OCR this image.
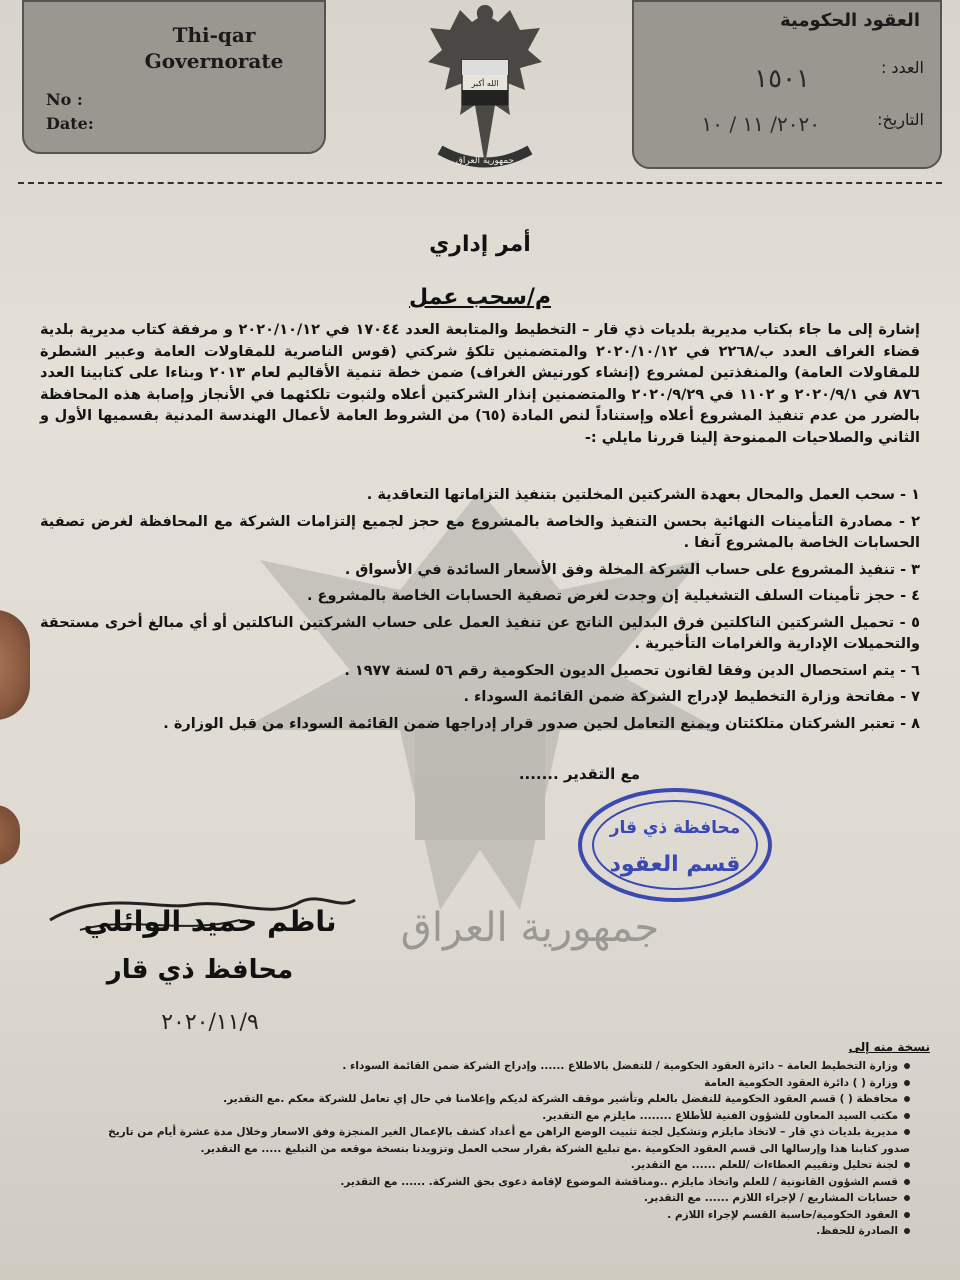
جمهورية العراق
Thi-qar Governorate
No :
Date:
الله أكبر
جمهورية العراق
العقود الحكومية
العدد :
١٥٠١
التاريخ:
٢٠٢٠/ ١١ / ١٠
أمر إداري
م/سحب عمل
إشارة إلى ما جاء بكتاب مديرية بلديات ذي قار – التخطيط والمتابعة العدد ١٧٠٤٤ في ٢٠٢٠/١٠/١٢ و مرفقة كتاب مديرية بلدية قضاء الغراف العدد ب/٢٢٦٨ في ٢٠٢٠/١٠/١٢ والمتضمنين تلكؤ شركتي (قوس الناصرية للمقاولات العامة وعبير الشطرة للمقاولات العامة) والمنفذتين لمشروع (إنشاء كورنيش الغراف) ضمن خطة تنمية الأقاليم لعام ٢٠١٣ وبناءا على كتابينا العدد ٨٧٦ في ٢٠٢٠/٩/١ و ١١٠٢ في ٢٠٢٠/٩/٢٩ والمتضمنين إنذار الشركتين أعلاه ولثبوت تلكئهما في الأنجاز وإصابة هذه المحافظة بالضرر من عدم تنفيذ المشروع أعلاه وإستناداً لنص المادة (٦٥) من الشروط العامة لأعمال الهندسة المدنية بقسميها الأول و الثاني والصلاحيات الممنوحة إلينا قررنا مايلي :-
١ - سحب العمل والمحال بعهدة الشركتين المخلتين بتنفيذ التزاماتها التعاقدية .
٢ - مصادرة التأمينات النهائية بحسن التنفيذ والخاصة بالمشروع مع حجز لجميع إلتزامات الشركة مع المحافظة لغرض تصفية الحسابات الخاصة بالمشروع آنفا .
٣ - تنفيذ المشروع على حساب الشركة المخلة وفق الأسعار السائدة في الأسواق .
٤ - حجز تأمينات السلف التشغيلية إن وجدت لغرض تصفية الحسابات الخاصة بالمشروع .
٥ - تحميل الشركتين الناكلتين فرق البدلين الناتج عن تنفيذ العمل على حساب الشركتين الناكلتين أو أي مبالغ أخرى مستحقة والتحميلات الإدارية والغرامات التأخيرية .
٦ - يتم استحصال الدين وفقا لقانون تحصيل الديون الحكومية رقم ٥٦ لسنة ١٩٧٧ .
٧ - مفاتحة وزارة التخطيط لإدراج الشركة ضمن القائمة السوداء .
٨ - تعتبر الشركتان متلكئتان ويمنع التعامل لحين صدور قرار إدراجها ضمن القائمة السوداء من قبل الوزارة .
مع التقدير .......
محافظة ذي قار
قسم العقود
ناظم حميد الوائلي
محافظ ذي قار
٢٠٢٠/١١/٩
نسخة منه إلى
وزارة التخطيط العامة – دائرة العقود الحكومية / للتفضل بالاطلاع ...... وإدراج الشركة ضمن القائمة السوداء .
وزارة ( ) دائرة العقود الحكومية العامة
محافظة ( ) قسم العقود الحكومية للتفضل بالعلم وتأشير موقف الشركة لديكم وإعلامنا في حال إي تعامل للشركة معكم .مع التقدير.
مكتب السيد المعاون للشؤون الفنية للأطلاع ........ مايلزم مع التقدير.
مديرية بلديات ذي قار – لاتخاذ مايلزم وتشكيل لجنة تثبيت الوضع الراهن مع أعداد كشف بالإعمال الغير المنجزة وفق الاسعار وخلال مدة عشرة أيام من تاريخ
صدور كتابنا هذا وإرسالها الى قسم العقود الحكومية .مع تبليغ الشركة بقرار سحب العمل وتزويدنا بنسخة موقعه من التبليغ ..... مع التقدير.
لجنة تحليل وتقييم العطاءات /للعلم ...... مع التقدير.
قسم الشؤون القانونية / للعلم واتخاذ مايلزم ..ومناقشة الموضوع لإقامة دعوى بحق الشركة. ...... مع التقدير.
حسابات المشاريع / لإجراء اللازم ...... مع التقدير.
العقود الحكومية/حاسبة القسم لإجراء اللازم .
الصادرة للحفظ.
